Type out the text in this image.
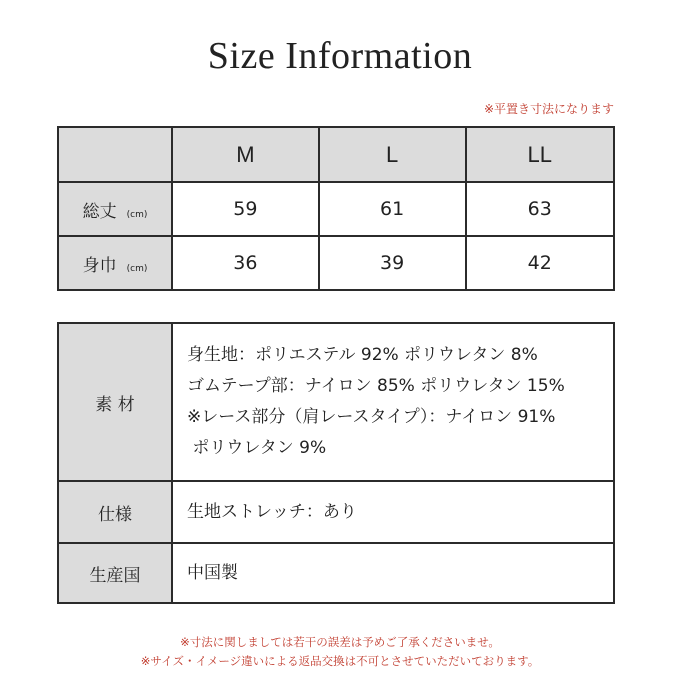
Size Information
※平置き寸法になります
	M	L	LL
総丈 (cm)	59	61	63
身巾 (cm)	36	39	42
素 材	身生地：ポリエステル 92% ポリウレタン 8%
ゴムテープ部：ナイロン 85% ポリウレタン 15%
※レース部分（肩レースタイプ）：ナイロン 91%
ポリウレタン 9%

仕様	生地ストレッチ：あり
生産国	中国製
※寸法に関しましては若干の誤差は予めご了承くださいませ。
※サイズ・イメージ違いによる返品交換は不可とさせていただいております。
